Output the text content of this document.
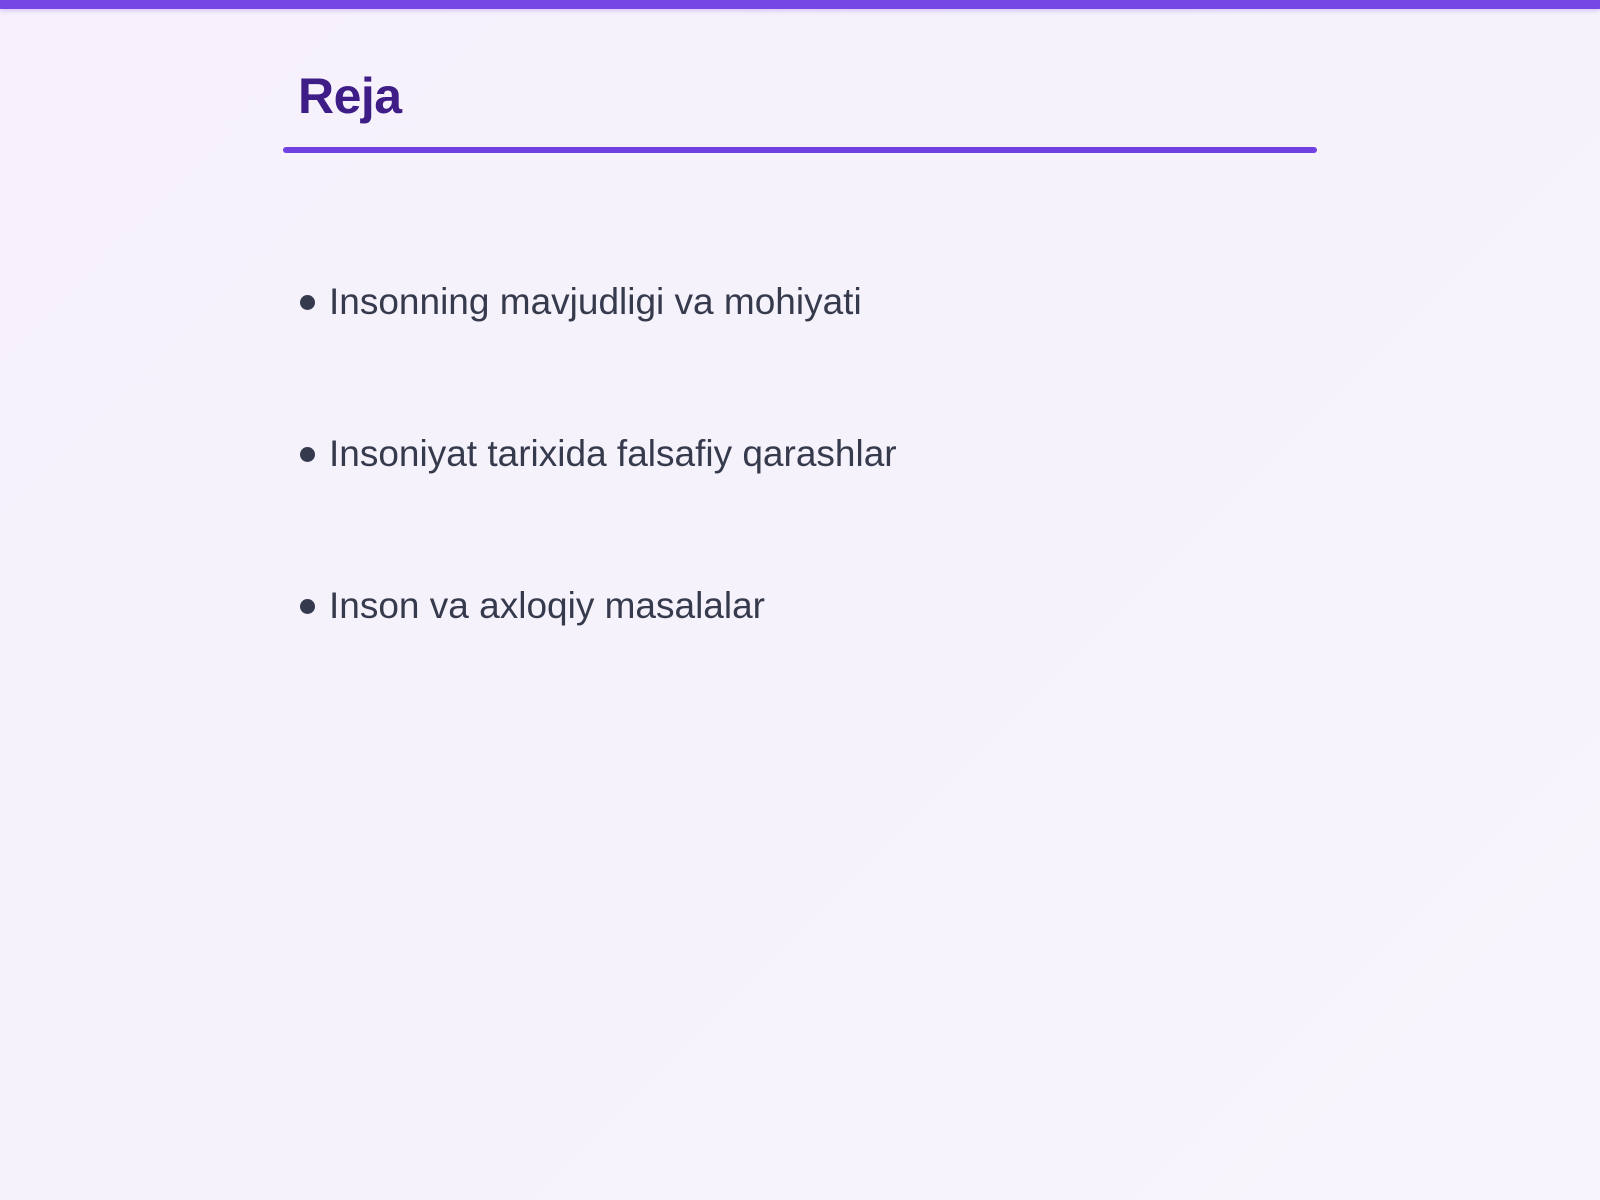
Reja
Insonning mavjudligi va mohiyati
Insoniyat tarixida falsafiy qarashlar
Inson va axloqiy masalalar
